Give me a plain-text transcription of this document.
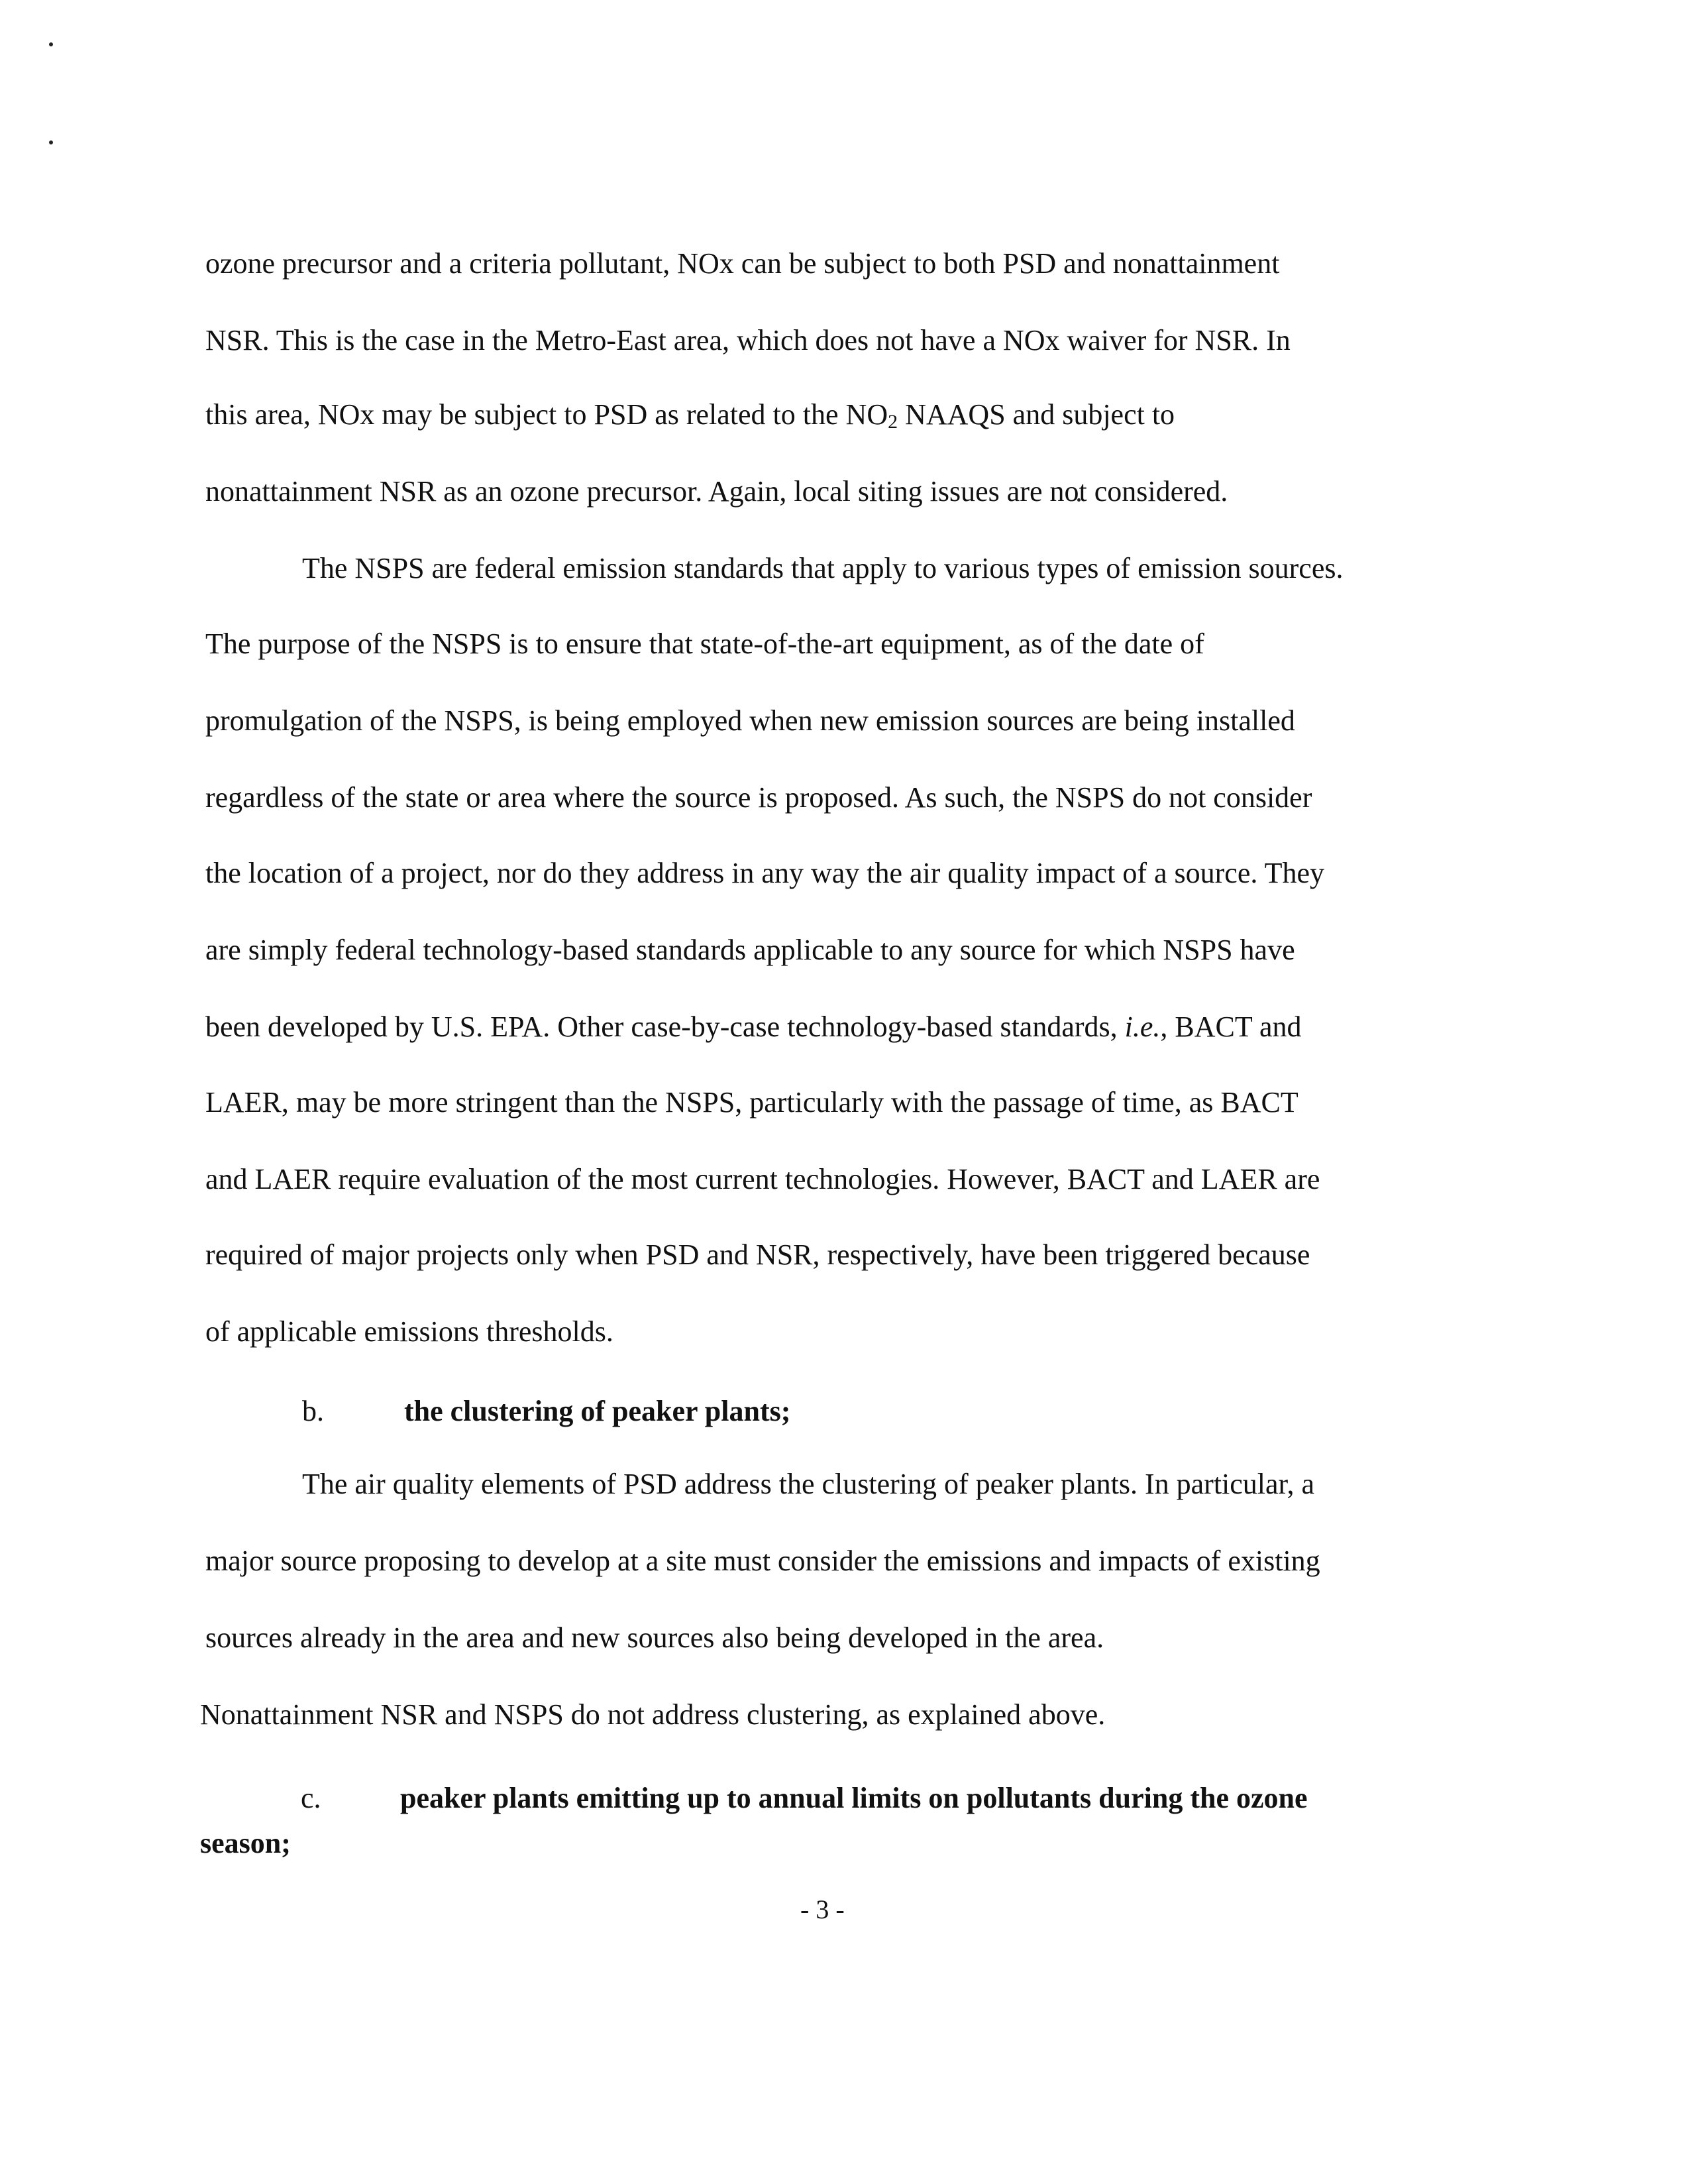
ozone precursor and a criteria pollutant, NOx can be subject to both PSD and nonattainment
NSR. This is the case in the Metro-East area, which does not have a NOx waiver for NSR. In
this area, NOx may be subject to PSD as related to the $NO_2$ NAAQS and subject to
nonattainment NSR as an ozone precursor. Again, local siting issues are not considered.
The NSPS are federal emission standards that apply to various types of emission sources.
The purpose of the NSPS is to ensure that state-of-the-art equipment, as of the date of
promulgation of the NSPS, is being employed when new emission sources are being installed
regardless of the state or area where the source is proposed. As such, the NSPS do not consider
the location of a project, nor do they address in any way the air quality impact of a source. They
are simply federal technology-based standards applicable to any source for which NSPS have
been developed by U.S. EPA. Other case-by-case technology-based standards, i.e., BACT and
LAER, may be more stringent than the NSPS, particularly with the passage of time, as BACT
and LAER require evaluation of the most current technologies. However, BACT and LAER are
required of major projects only when PSD and NSR, respectively, have been triggered because
of applicable emissions thresholds.
b.	the clustering of peaker plants;
The air quality elements of PSD address the clustering of peaker plants. In particular, a
major source proposing to develop at a site must consider the emissions and impacts of existing
sources already in the area and new sources also being developed in the area.
Nonattainment NSR and NSPS do not address clustering, as explained above.
c.	peaker plants emitting up to annual limits on pollutants during the ozone
season;
- 3 -
